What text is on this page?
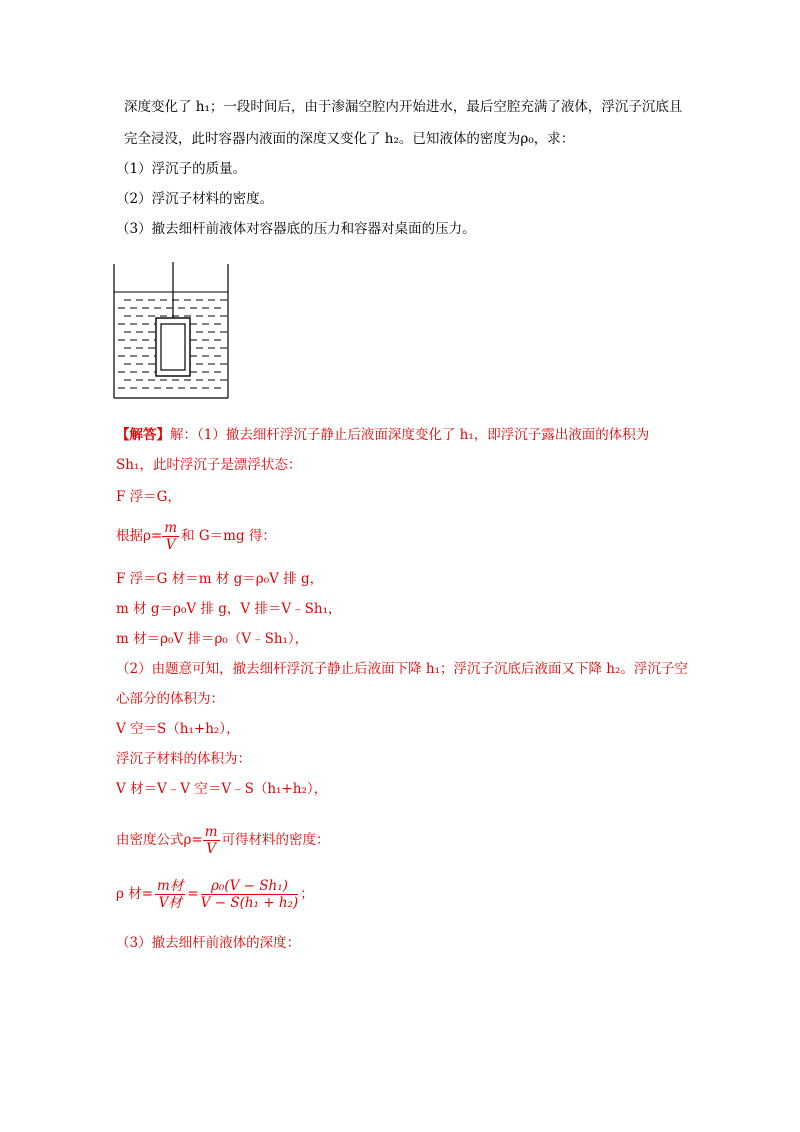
深度变化了 h₁；一段时间后，由于渗漏空腔内开始进水，最后空腔充满了液体，浮沉子沉底且
完全浸没，此时容器内液面的深度又变化了 h₂。已知液体的密度为ρ₀，求：
（1）浮沉子的质量。
（2）浮沉子材料的密度。
（3）撤去细杆前液体对容器底的压力和容器对桌面的压力。
【解答】解：（1）撤去细杆浮沉子静止后液面深度变化了 h₁，即浮沉子露出液面的体积为
Sh₁，此时浮沉子是漂浮状态：
F 浮＝G，
根据$\rho= \frac{m}{V}$ 和 G＝mg 得：
F 浮＝G 材＝m 材 g＝ρ₀V 排 g，
m 材 g＝ρ₀V 排 g，V 排＝V﹣Sh₁，
m 材＝ρ₀V 排＝ρ₀（V﹣Sh₁），
（2）由题意可知，撤去细杆浮沉子静止后液面下降 h₁；浮沉子沉底后液面又下降 h₂。浮沉子空
心部分的体积为：
V 空＝S（h₁+h₂），
浮沉子材料的体积为：
V 材＝V﹣V 空＝V﹣S（h₁+h₂），
由密度公式$\rho= \frac{m}{V}$ 可得材料的密度：
ρ 材= $\frac{\text{m材}}{\text{V材}} = \frac{\text{ρ₀(V − Sh₁)}}{\text{V − S(h₁ + h₂)}}$ ；
（3）撤去细杆前液体的深度：
